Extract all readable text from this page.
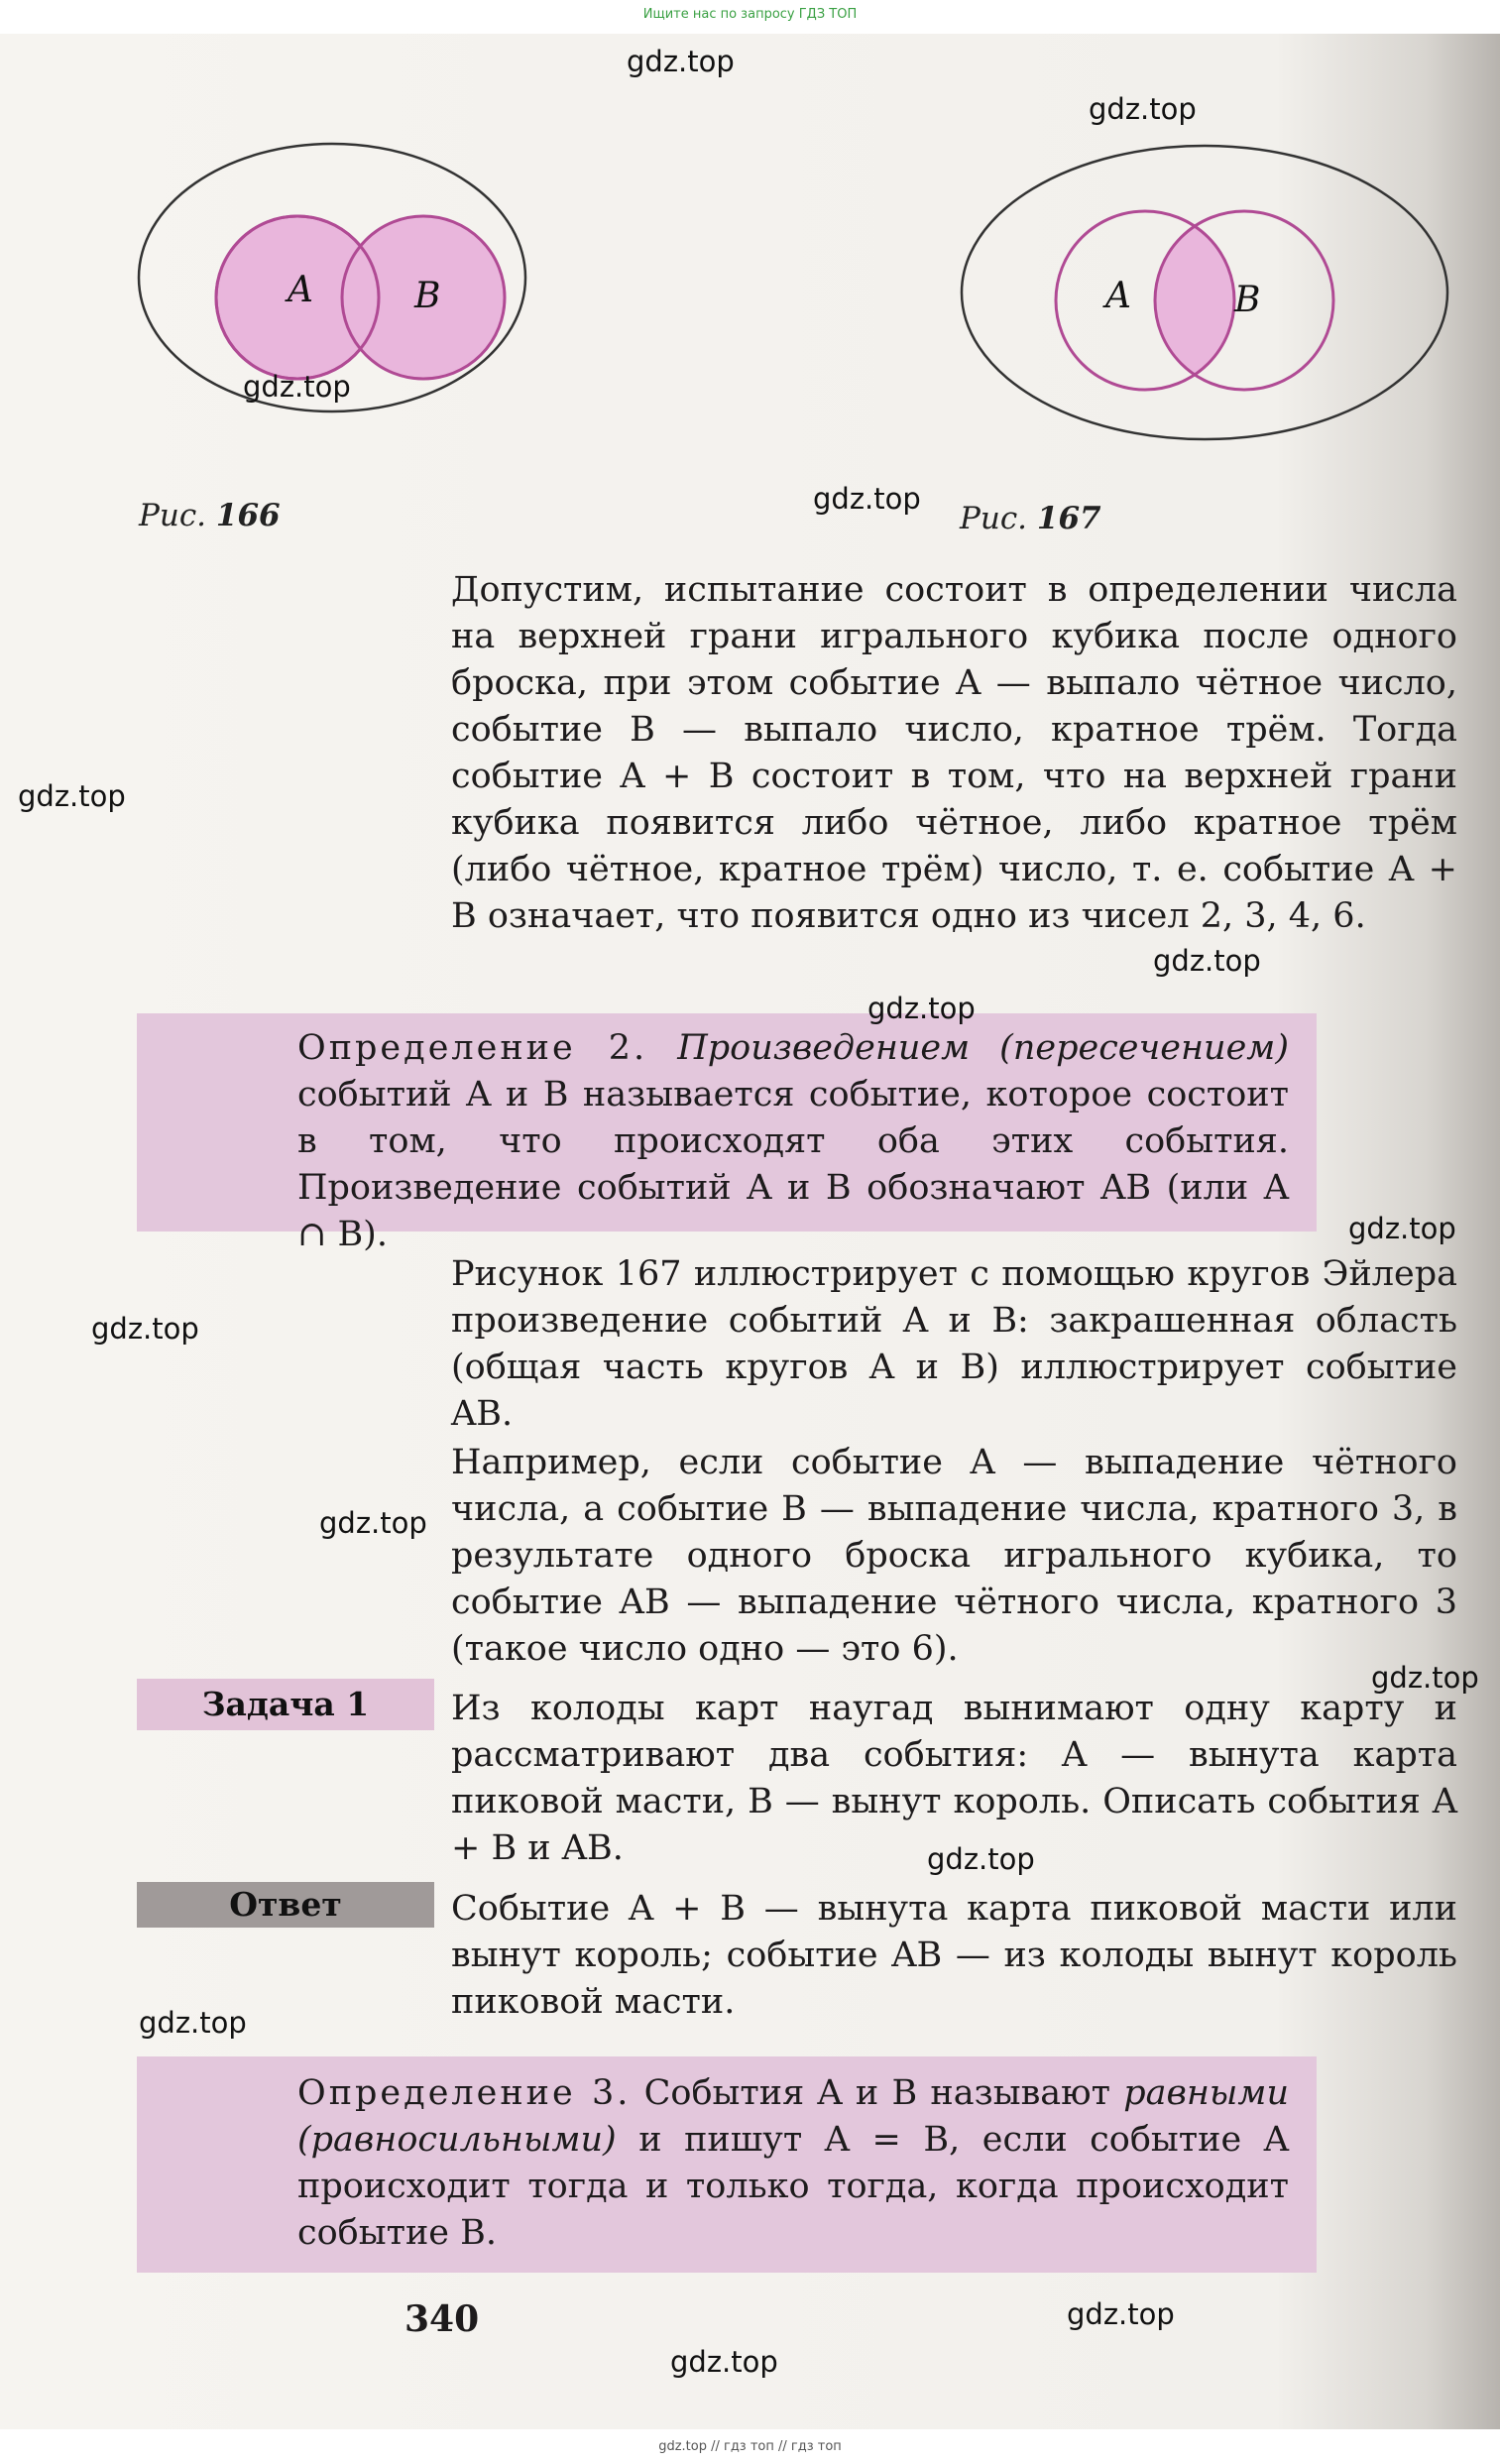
Ищите нас по запросу ГДЗ ТОП
A	B	A	B
Рис. 166	Рис. 167

Допустим, испытание состоит в определении числа на верхней грани игрального кубика после одного броска, при этом событие A — выпало чётное число, событие B — выпало число, кратное трём. Тогда событие A + B состоит в том, что на верхней грани кубика появится либо чётное, либо кратное трём (либо чётное, кратное трём) число, т. е. событие A + B означает, что появится одно из чисел 2, 3, 4, 6.

Определение 2. Произведением (пересечением) событий A и B называется событие, которое состоит в том, что происходят оба этих события. Произведение событий A и B обозначают AB (или A ∩ B).

Рисунок 167 иллюстрирует с помощью кругов Эйлера произведение событий A и B: закрашенная область (общая часть кругов A и B) иллюстрирует событие AB.

Например, если событие A — выпадение чётного числа, а событие B — выпадение числа, кратного 3, в результате одного броска игрального кубика, то событие AB — выпадение чётного числа, кратного 3 (такое число одно — это 6).

Задача 1	Из колоды карт наугад вынимают одну карту и рассматривают два события: A — вынута карта пиковой масти, B — вынут король. Описать события A + B и AB.

Ответ	Событие A + B — вынута карта пиковой масти или вынут король; событие AB — из колоды вынут король пиковой масти.

Определение 3. События A и B называют равными (равносильными) и пишут A = B, если событие A происходит тогда и только тогда, когда происходит событие B.

340
gdz.top
gdz.top
gdz.top
gdz.top
gdz.top
gdz.top
gdz.top
gdz.top
gdz.top
gdz.top
gdz.top
gdz.top
gdz.top
gdz.top
gdz.top
gdz.top // гдз топ // гдз топ
